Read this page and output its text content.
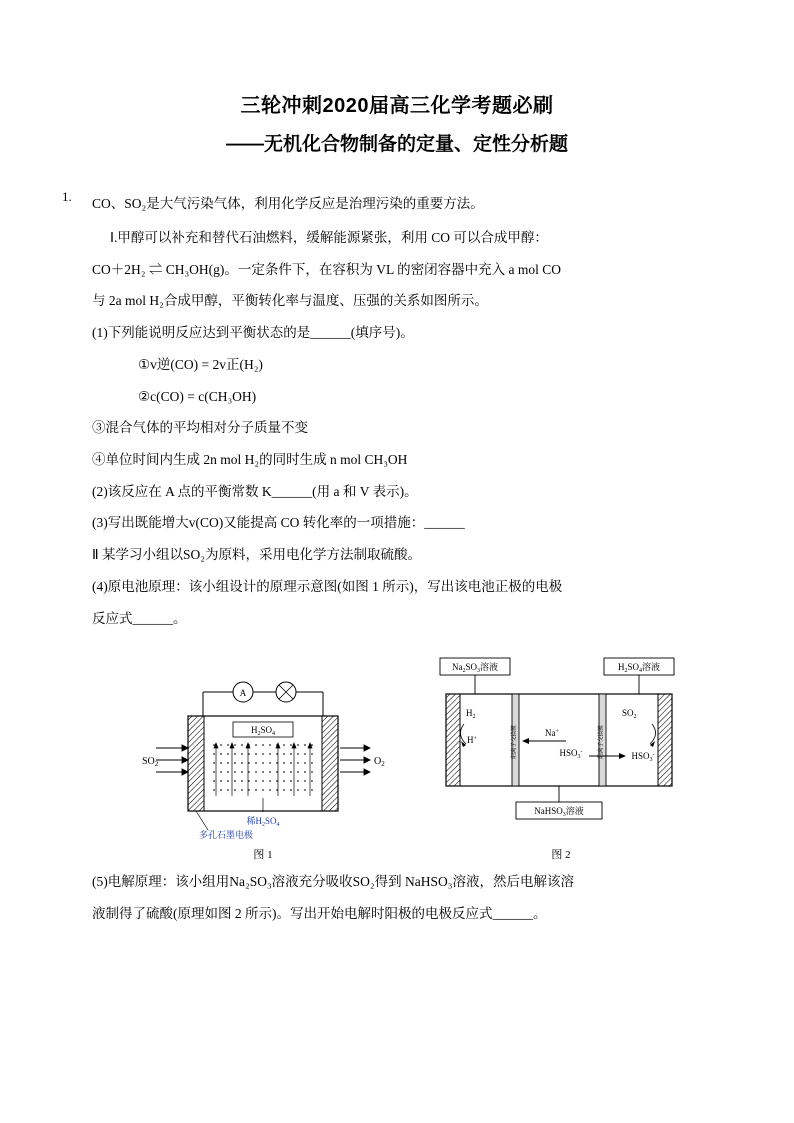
三轮冲刺2020届高三化学考题必刷
——无机化合物制备的定量、定性分析题
1.	CO、SO₂是大气污染气体，利用化学反应是治理污染的重要方法。
Ⅰ.甲醇可以补充和替代石油燃料，缓解能源紧张，利用 CO 可以合成甲醇：
CO＋2H₂ ⇌ CH₃OH(g)。一定条件下，在容积为 VL 的密闭容器中充入 a mol CO
与 2a mol H₂合成甲醇，平衡转化率与温度、压强的关系如图所示。
(1)下列能说明反应达到平衡状态的是______(填序号)。
①v逆(CO) = 2v正(H₂)
②c(CO) = c(CH₃OH)
③混合气体的平均相对分子质量不变
④单位时间内生成 2n mol H₂的同时生成 n mol CH₃OH
(2)该反应在 A 点的平衡常数 K______(用 a 和 V 表示)。
(3)写出既能增大v(CO)又能提高 CO 转化率的一项措施：______
Ⅱ 某学习小组以SO₂为原料，采用电化学方法制取硫酸。
(4)原电池原理：该小组设计的原理示意图(如图 1 所示)，写出该电池正极的电极
反应式______。
A
$H_2SO_4$
$SO_2$	$O_2$
稀$H_2SO_4$
多孔石墨电极
图 1
$Na_2SO_3$溶液	$H_2SO_4$溶液
阳离子交换膜	阴离子交换膜
$H_2$	$SO_2$
Na+
H+
$HSO_3^-$	$HSO_3^-$
NaHSO$_3$溶液
图 2
(5)电解原理：该小组用Na₂SO₃溶液充分吸收SO₂得到 NaHSO₃溶液，然后电解该溶
液制得了硫酸(原理如图 2 所示)。写出开始电解时阳极的电极反应式______。
